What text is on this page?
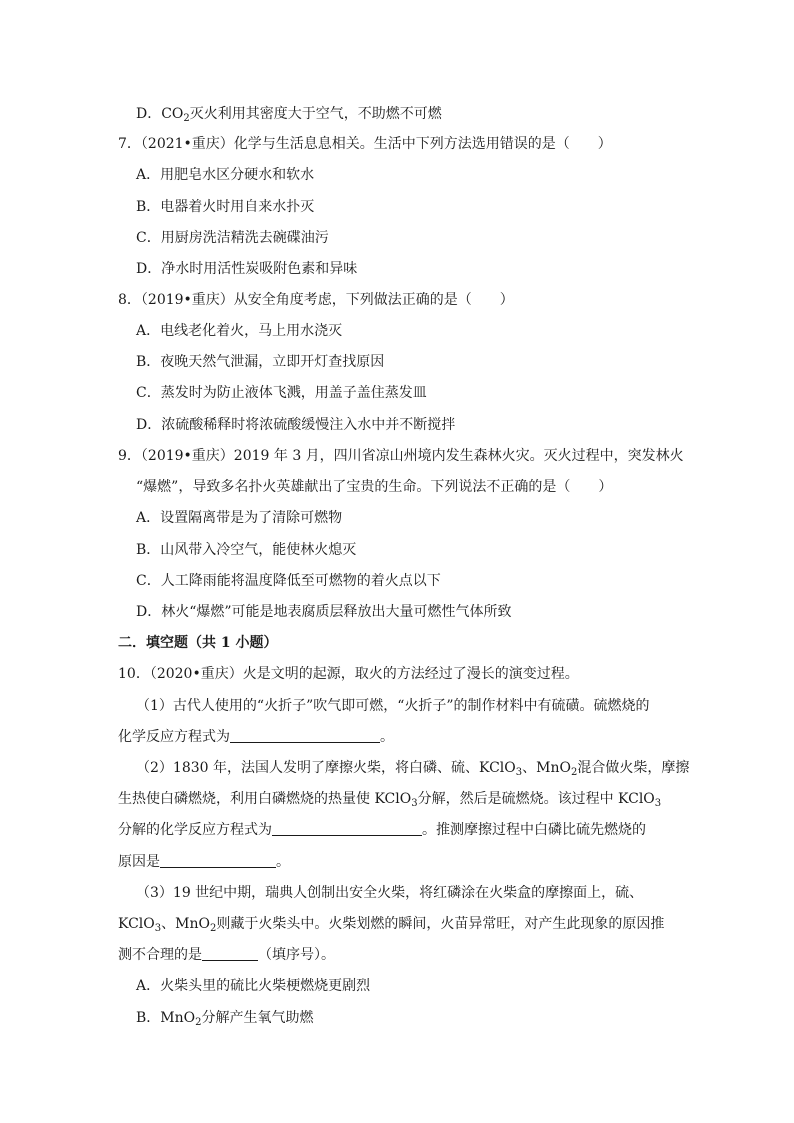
D．$CO_2$灭火利用其密度大于空气，不助燃不可燃
7．（2021•重庆）化学与生活息息相关。生活中下列方法选用错误的是（　　）
A．用肥皂水区分硬水和软水
B．电器着火时用自来水扑灭
C．用厨房洗洁精洗去碗碟油污
D．净水时用活性炭吸附色素和异味
8．（2019•重庆）从安全角度考虑，下列做法正确的是（　　）
A．电线老化着火，马上用水浇灭
B．夜晚天然气泄漏，立即开灯查找原因
C．蒸发时为防止液体飞溅，用盖子盖住蒸发皿
D．浓硫酸稀释时将浓硫酸缓慢注入水中并不断搅拌
9．（2019•重庆）2019 年 3 月，四川省凉山州境内发生森林火灾。灭火过程中，突发林火
“爆燃”，导致多名扑火英雄献出了宝贵的生命。下列说法不正确的是（　　）
A．设置隔离带是为了清除可燃物
B．山风带入冷空气，能使林火熄灭
C．人工降雨能将温度降低至可燃物的着火点以下
D．林火“爆燃”可能是地表腐质层释放出大量可燃性气体所致
二．填空题（共 1 小题）
10．（2020•重庆）火是文明的起源，取火的方法经过了漫长的演变过程。
（1）古代人使用的“火折子”吹气即可燃，“火折子”的制作材料中有硫磺。硫燃烧的
化学反应方程式为	。
（2）1830 年，法国人发明了摩擦火柴，将白磷、硫、KClO$_3$、MnO$_2$混合做火柴，摩擦
生热使白磷燃烧，利用白磷燃烧的热量使 KClO$_3$分解，然后是硫燃烧。该过程中 KClO$_3$
分解的化学反应方程式为	。推测摩擦过程中白磷比硫先燃烧的
原因是	。
（3）19 世纪中期，瑞典人创制出安全火柴，将红磷涂在火柴盒的摩擦面上，硫、
KClO$_3$、MnO$_2$则藏于火柴头中。火柴划燃的瞬间，火苗异常旺，对产生此现象的原因推
测不合理的是	（填序号）。
A．火柴头里的硫比火柴梗燃烧更剧烈
B．MnO$_2$分解产生氧气助燃
